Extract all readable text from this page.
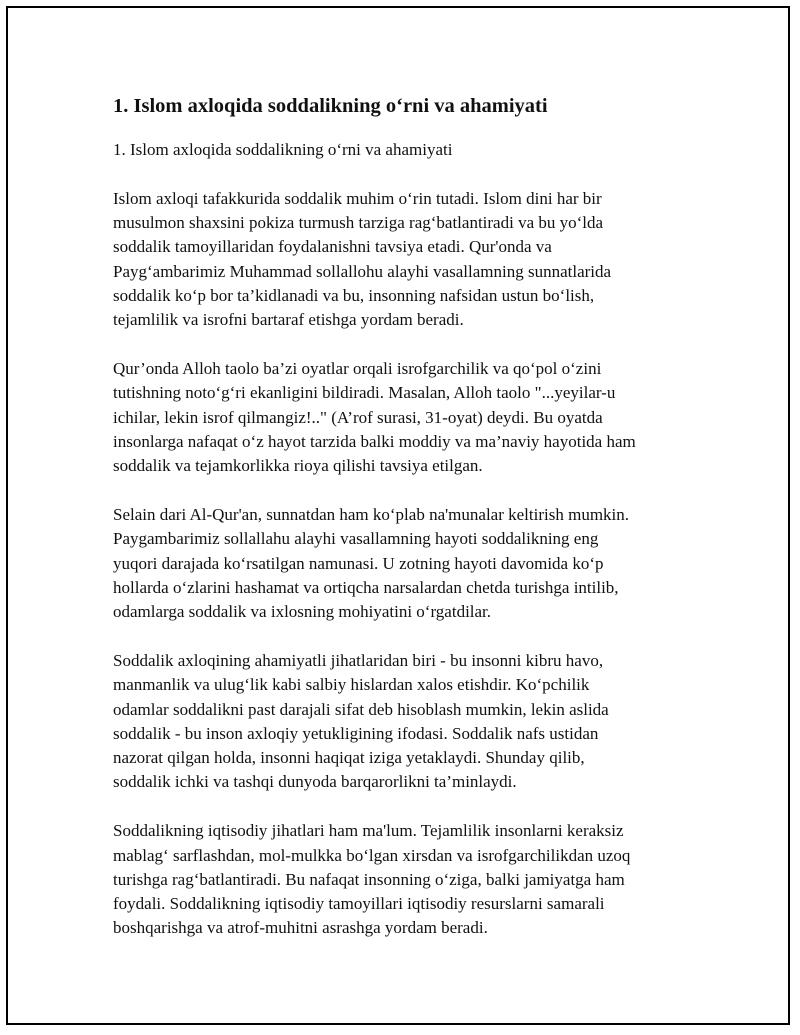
1. Islom axloqida soddalikning o‘rni va ahamiyati

1. Islom axloqida soddalikning o‘rni va ahamiyati

Islom axloqi tafakkurida soddalik muhim o‘rin tutadi. Islom dini har bir
musulmon shaxsini pokiza turmush tarziga rag‘batlantiradi va bu yo‘lda
soddalik tamoyillaridan foydalanishni tavsiya etadi. Qur'onda va
Payg‘ambarimiz Muhammad sollallohu alayhi vasallamning sunnatlarida
soddalik ko‘p bor ta’kidlanadi va bu, insonning nafsidan ustun bo‘lish,
tejamlilik va isrofni bartaraf etishga yordam beradi.

Qur’onda Alloh taolo ba’zi oyatlar orqali isrofgarchilik va qo‘pol o‘zini
tutishning noto‘g‘ri ekanligini bildiradi. Masalan, Alloh taolo "...yeyilar-u
ichilar, lekin isrof qilmangiz!.." (A’rof surasi, 31-oyat) deydi. Bu oyatda
insonlarga nafaqat o‘z hayot tarzida balki moddiy va ma’naviy hayotida ham
soddalik va tejamkorlikka rioya qilishi tavsiya etilgan.

Selain dari Al-Qur'an, sunnatdan ham ko‘plab na'munalar keltirish mumkin.
Paygambarimiz sollallahu alayhi vasallamning hayoti soddalikning eng
yuqori darajada ko‘rsatilgan namunasi. U zotning hayoti davomida ko‘p
hollarda o‘zlarini hashamat va ortiqcha narsalardan chetda turishga intilib,
odamlarga soddalik va ixlosning mohiyatini o‘rgatdilar.

Soddalik axloqining ahamiyatli jihatlaridan biri - bu insonni kibru havo,
manmanlik va ulug‘lik kabi salbiy hislardan xalos etishdir. Ko‘pchilik
odamlar soddalikni past darajali sifat deb hisoblash mumkin, lekin aslida
soddalik - bu inson axloqiy yetukligining ifodasi. Soddalik nafs ustidan
nazorat qilgan holda, insonni haqiqat iziga yetaklaydi. Shunday qilib,
soddalik ichki va tashqi dunyoda barqarorlikni ta’minlaydi.

Soddalikning iqtisodiy jihatlari ham ma'lum. Tejamlilik insonlarni keraksiz
mablag‘ sarflashdan, mol-mulkka bo‘lgan xirsdan va isrofgarchilikdan uzoq
turishga rag‘batlantiradi. Bu nafaqat insonning o‘ziga, balki jamiyatga ham
foydali. Soddalikning iqtisodiy tamoyillari iqtisodiy resurslarni samarali
boshqarishga va atrof-muhitni asrashga yordam beradi.
